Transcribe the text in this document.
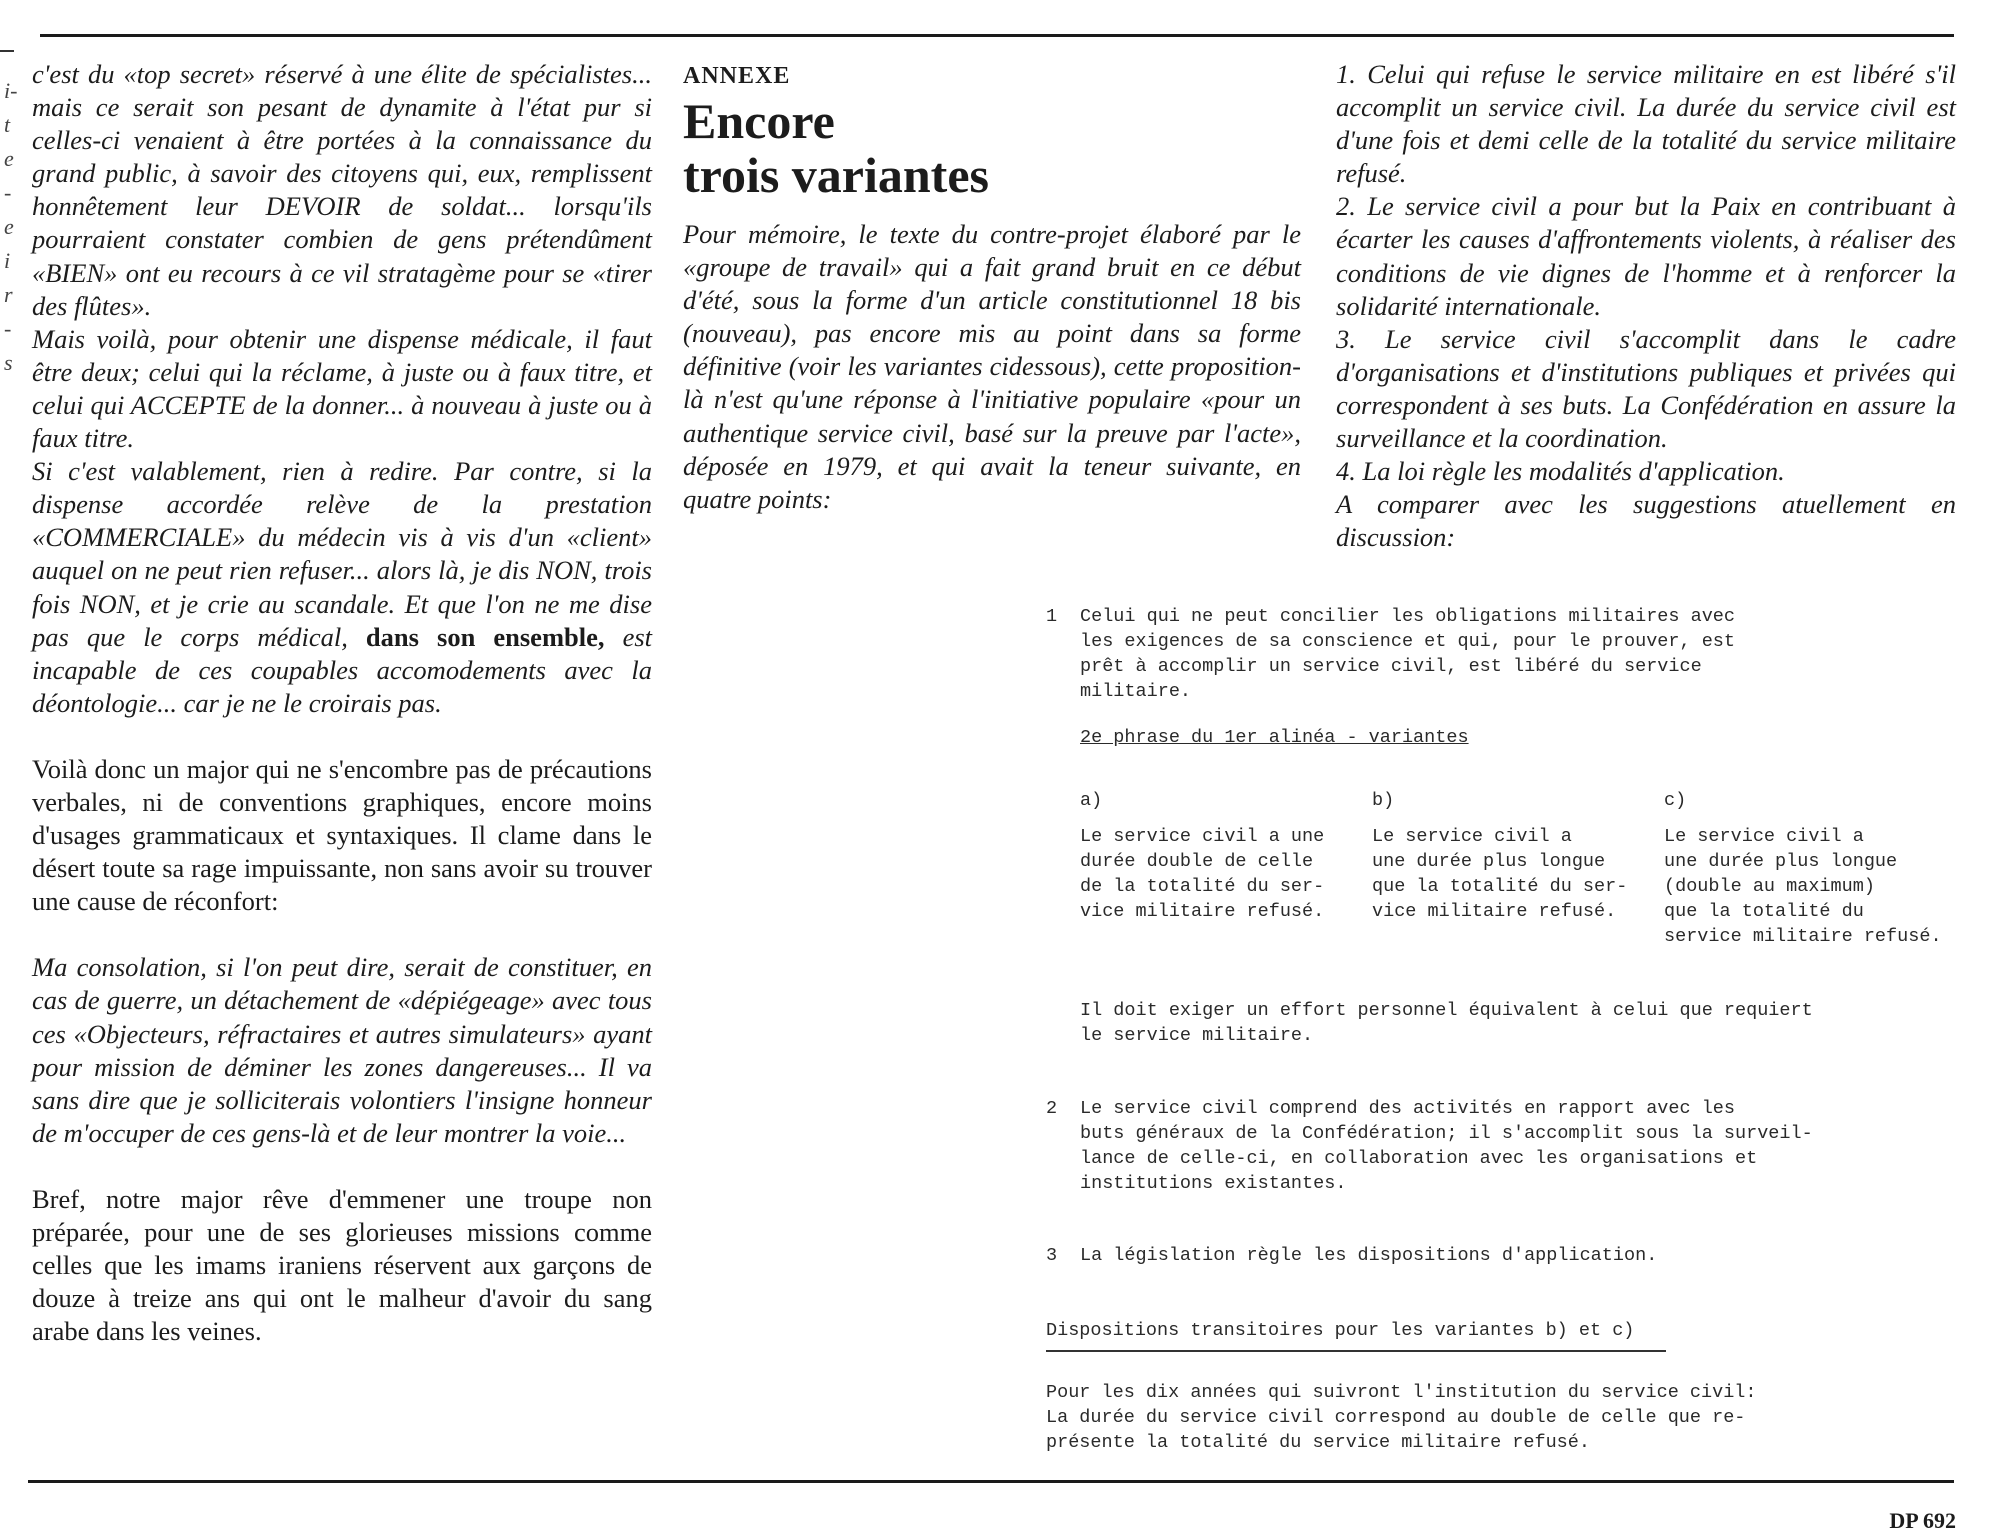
i-
t
e
-
e
i
r
-
s

c'est du «top secret» réservé à une élite de spécialistes... mais ce serait son pesant de dynamite à l'état pur si celles-ci venaient à être portées à la connaissance du grand public, à savoir des citoyens qui, eux, remplissent honnêtement leur DEVOIR de soldat... lorsqu'ils pourraient constater combien de gens prétendûment «BIEN» ont eu recours à ce vil stratagème pour se «tirer des flûtes».

Mais voilà, pour obtenir une dispense médicale, il faut être deux; celui qui la réclame, à juste ou à faux titre, et celui qui ACCEPTE de la donner... à nouveau à juste ou à faux titre.

Si c'est valablement, rien à redire. Par contre, si la dispense accordée relève de la prestation «COMMERCIALE» du médecin vis à vis d'un «client» auquel on ne peut rien refuser... alors là, je dis NON, trois fois NON, et je crie au scandale. Et que l'on ne me dise pas que le corps médical, dans son ensemble, est incapable de ces coupables accomodements avec la déontologie... car je ne le croirais pas.

Voilà donc un major qui ne s'encombre pas de précautions verbales, ni de conventions graphiques, encore moins d'usages grammaticaux et syntaxiques. Il clame dans le désert toute sa rage impuissante, non sans avoir su trouver une cause de réconfort:

Ma consolation, si l'on peut dire, serait de constituer, en cas de guerre, un détachement de «dépiégeage» avec tous ces «Objecteurs, réfractaires et autres simulateurs» ayant pour mission de déminer les zones dangereuses... Il va sans dire que je solliciterais volontiers l'insigne honneur de m'occuper de ces gens-là et de leur montrer la voie...

Bref, notre major rêve d'emmener une troupe non préparée, pour une de ses glorieuses missions comme celles que les imams iraniens réservent aux garçons de douze à treize ans qui ont le malheur d'avoir du sang arabe dans les veines.

ANNEXE
Encore
trois variantes

Pour mémoire, le texte du contre-projet élaboré par le «groupe de travail» qui a fait grand bruit en ce début d'été, sous la forme d'un article constitutionnel 18 bis (nouveau), pas encore mis au point dans sa forme définitive (voir les variantes cidessous), cette proposition-là n'est qu'une réponse à l'initiative populaire «pour un authentique service civil, basé sur la preuve par l'acte», déposée en 1979, et qui avait la teneur suivante, en quatre points:

1. Celui qui refuse le service militaire en est libéré s'il accomplit un service civil. La durée du service civil est d'une fois et demi celle de la totalité du service militaire refusé.

2. Le service civil a pour but la Paix en contribuant à écarter les causes d'affrontements violents, à réaliser des conditions de vie dignes de l'homme et à renforcer la solidarité internationale.

3. Le service civil s'accomplit dans le cadre d'organisations et d'institutions publiques et privées qui correspondent à ses buts. La Confédération en assure la surveillance et la coordination.

4. La loi règle les modalités d'application.

A comparer avec les suggestions atuellement en discussion:

1 Celui qui ne peut concilier les obligations militaires avec
les exigences de sa conscience et qui, pour le prouver, est
prêt à accomplir un service civil, est libéré du service
militaire.
2e phrase du 1er alinéa - variantes
a)
Le service civil a une
durée double de celle
de la totalité du ser-
vice militaire refusé.
b)
Le service civil a
une durée plus longue
que la totalité du ser-
vice militaire refusé.
c)
Le service civil a
une durée plus longue
(double au maximum)
que la totalité du
service militaire refusé.
Il doit exiger un effort personnel équivalent à celui que requiert
le service militaire.
2 Le service civil comprend des activités en rapport avec les
buts généraux de la Confédération; il s'accomplit sous la surveil-
lance de celle-ci, en collaboration avec les organisations et
institutions existantes.
3 La législation règle les dispositions d'application.
Dispositions transitoires pour les variantes b) et c)
Pour les dix années qui suivront l'institution du service civil:
La durée du service civil correspond au double de celle que re-
présente la totalité du service militaire refusé.
DP 692
